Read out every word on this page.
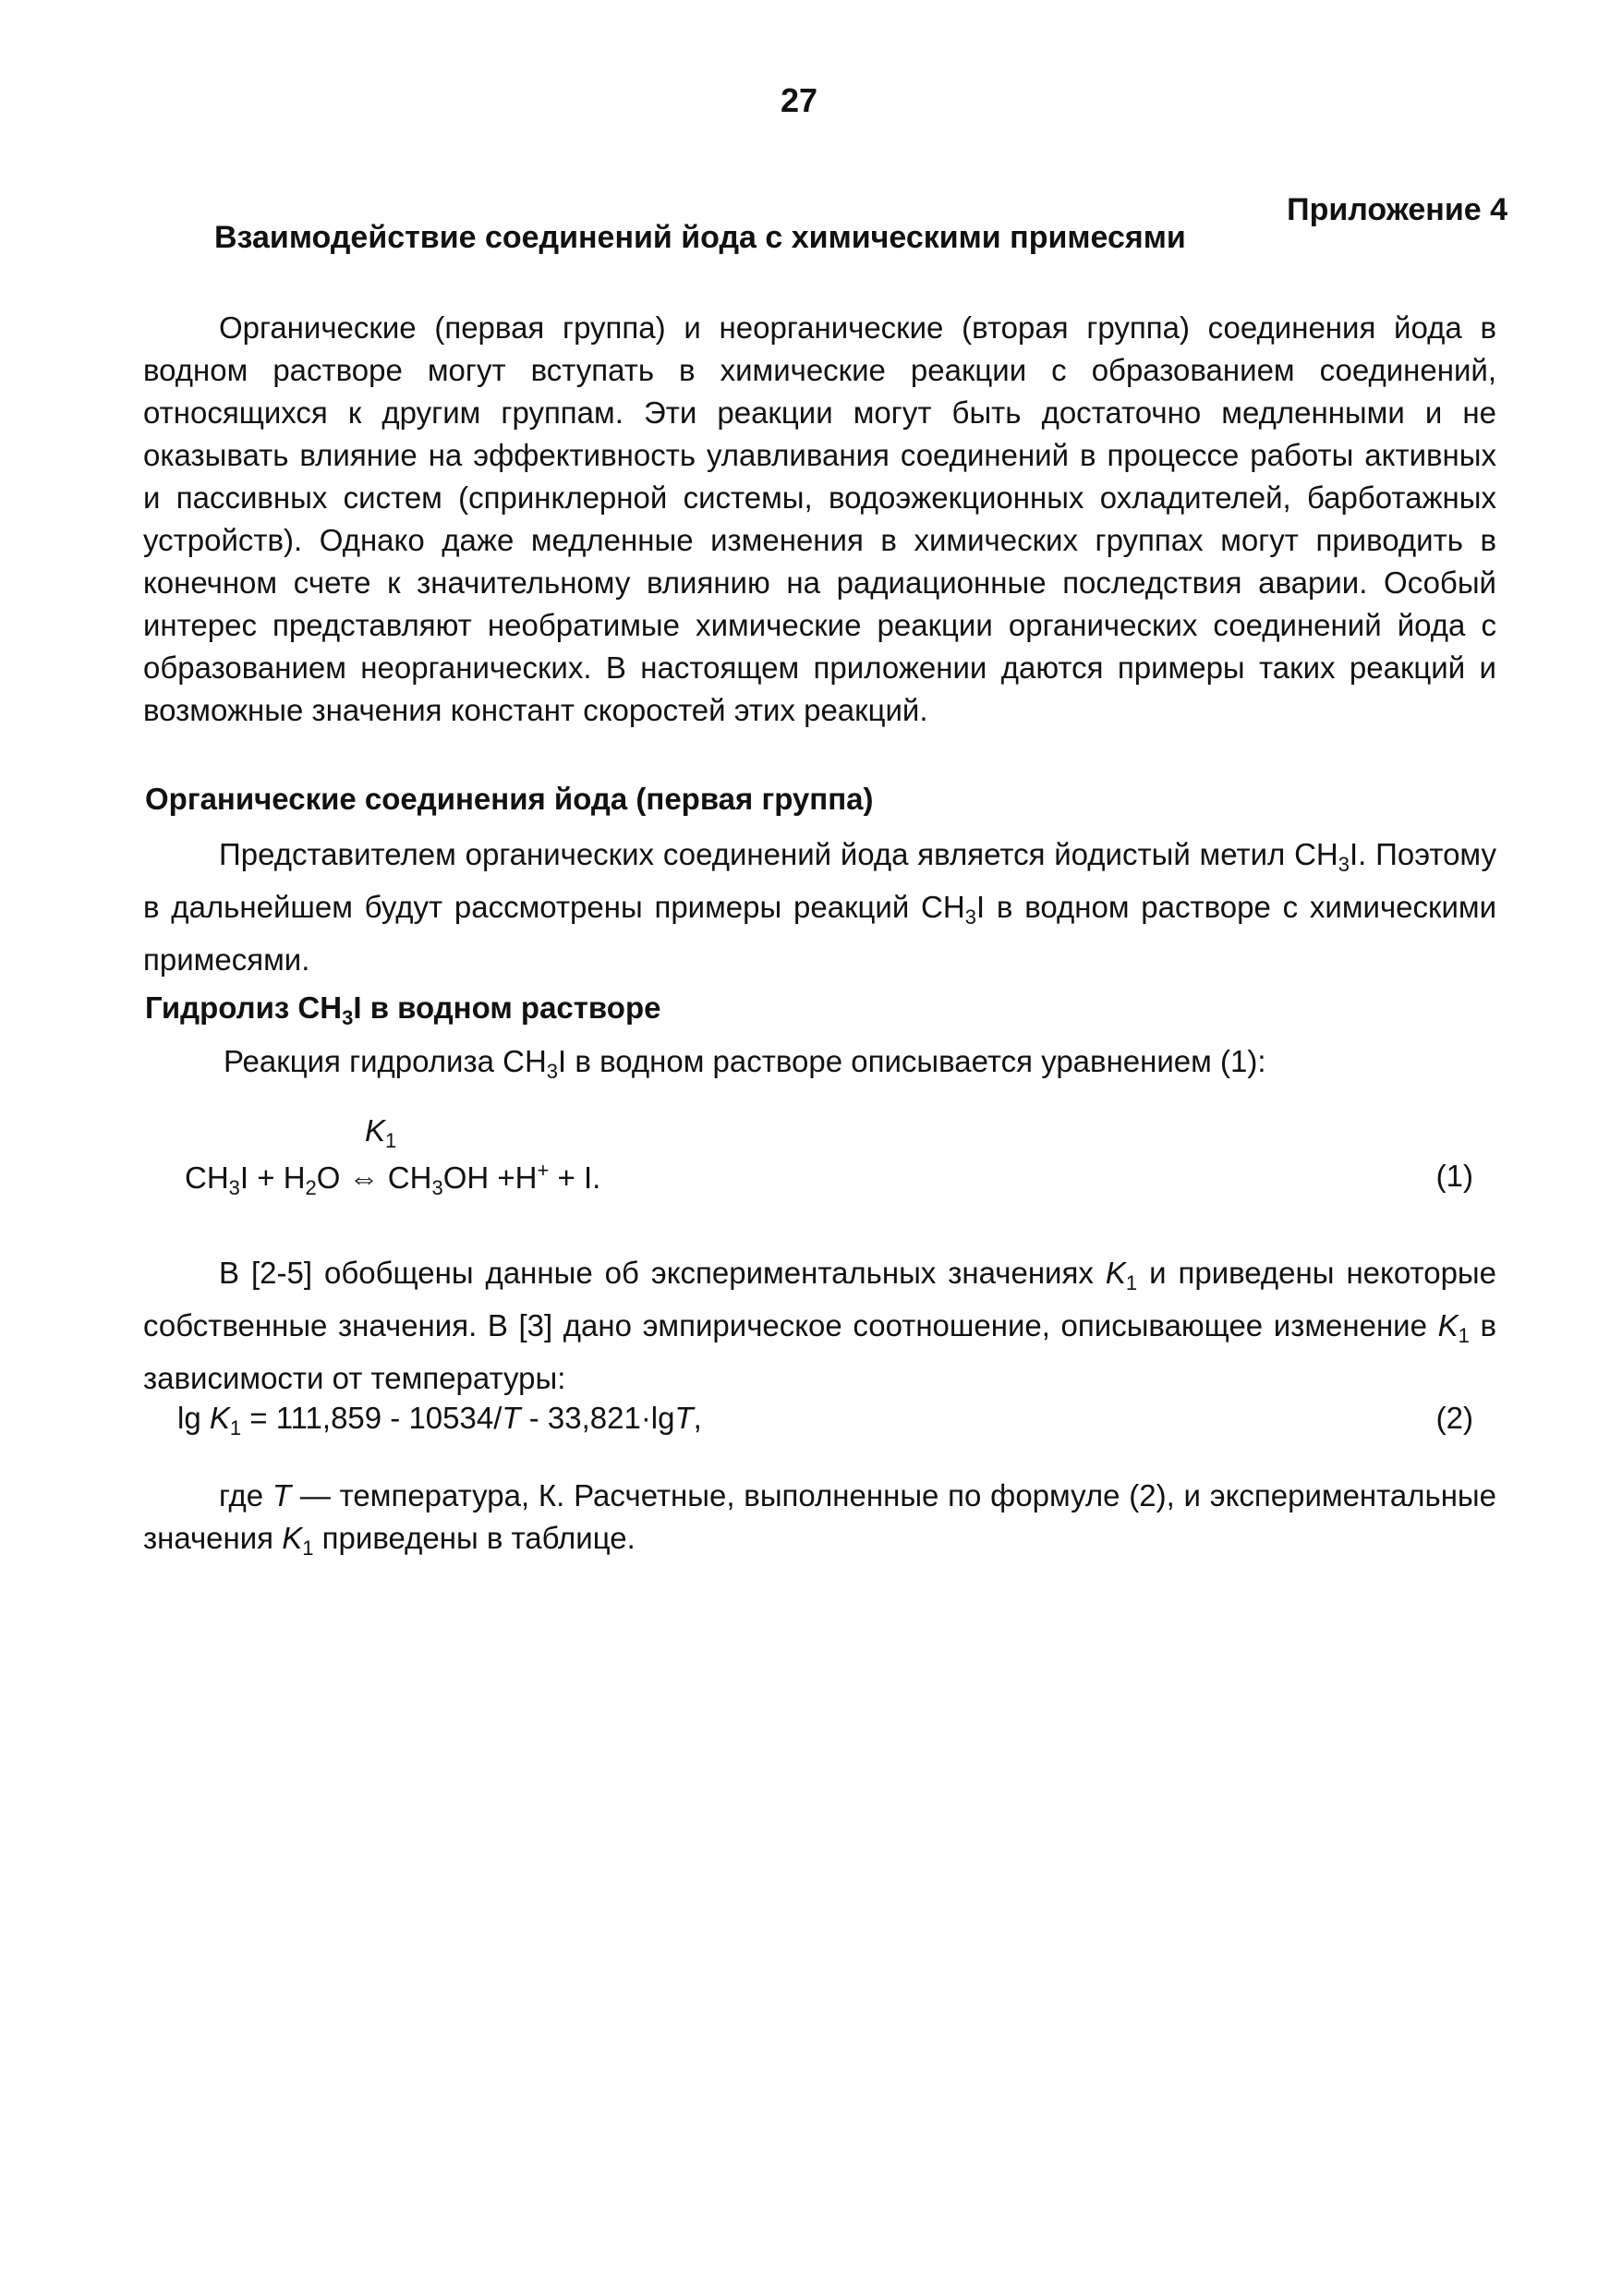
27
Приложение 4
Взаимодействие соединений йода с химическими примесями

Органические (первая группа) и неорганические (вторая группа) соединения йода в водном растворе могут вступать в химические реакции с образованием соединений, относящихся к другим группам. Эти реакции могут быть достаточно медленными и не оказывать влияние на эффективность улавливания соединений в процессе работы активных и пассивных систем (спринклерной системы, водоэжекционных охладителей, барботажных устройств). Однако даже медленные изменения в химических группах могут приводить в конечном счете к значительному влиянию на радиационные последствия аварии. Особый интерес представляют необратимые химические реакции органических соединений йода с образованием неорганических. В настоящем приложении даются примеры таких реакций и возможные значения констант скоростей этих реакций.

Органические соединения йода (первая группа)

Представителем органических соединений йода является йодистый метил $CH_3I$. Поэтому в дальнейшем будут рассмотрены примеры реакций $CH_3I$ в водном растворе с химическими примесями.

Гидролиз $CH_3I$ в водном растворе
Реакция гидролиза $CH_3I$ в водном растворе описывается уравнением (1):
$K_1$
$CH_3I + H_2O$ ⇔ $CH_3OH +H^+ + I$.	(1)

В [2-5] обобщены данные об экспериментальных значениях $K_1$ и приведены некоторые собственные значения. В [3] дано эмпирическое соотношение, описывающее изменение $K_1$ в зависимости от температуры:

$\lg K_1 = 111,859 - 10534/T - 33,821\cdot\lg T$,	(2)

где T — температура, К. Расчетные, выполненные по формуле (2), и экспериментальные значения $K_1$ приведены в таблице.
